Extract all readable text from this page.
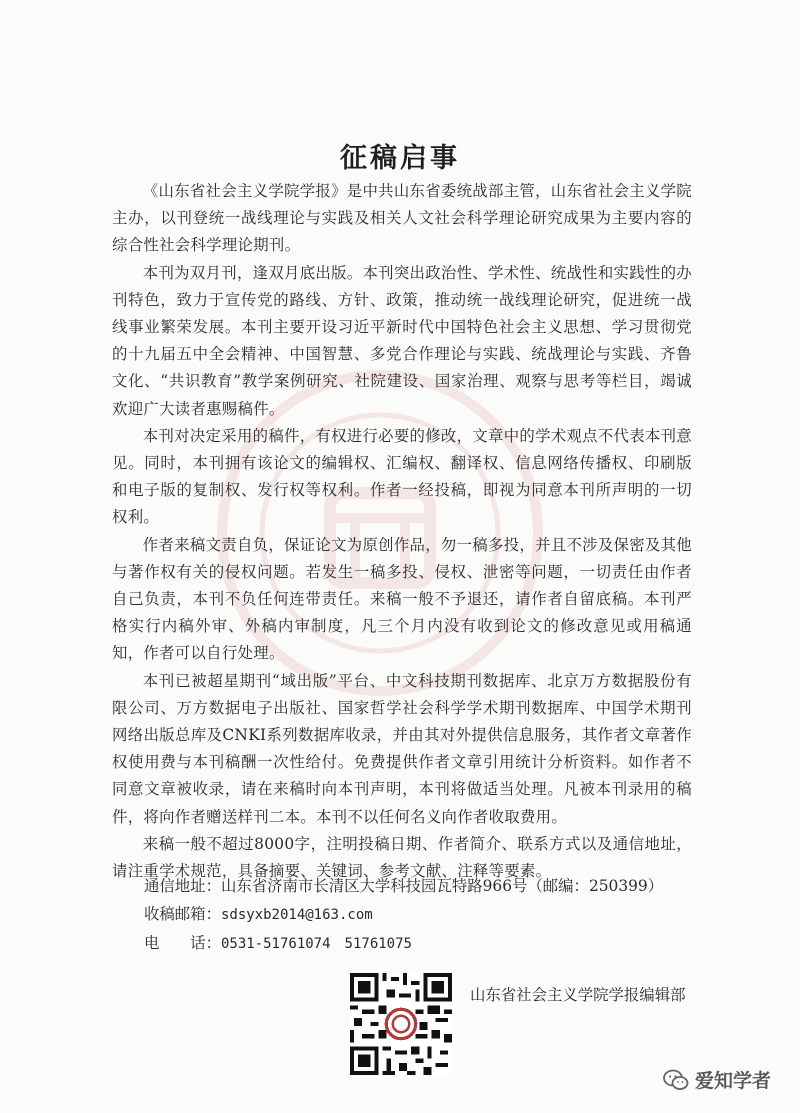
征稿启事

《山东省社会主义学院学报》是中共山东省委统战部主管，山东省社会主义学院主办，以刊登统一战线理论与实践及相关人文社会科学理论研究成果为主要内容的综合性社会科学理论期刊。

本刊为双月刊，逢双月底出版。本刊突出政治性、学术性、统战性和实践性的办刊特色，致力于宣传党的路线、方针、政策，推动统一战线理论研究，促进统一战线事业繁荣发展。本刊主要开设习近平新时代中国特色社会主义思想、学习贯彻党的十九届五中全会精神、中国智慧、多党合作理论与实践、统战理论与实践、齐鲁文化、“共识教育”教学案例研究、社院建设、国家治理、观察与思考等栏目，竭诚欢迎广大读者惠赐稿件。

本刊对决定采用的稿件，有权进行必要的修改，文章中的学术观点不代表本刊意见。同时，本刊拥有该论文的编辑权、汇编权、翻译权、信息网络传播权、印刷版和电子版的复制权、发行权等权利。作者一经投稿，即视为同意本刊所声明的一切权利。

作者来稿文责自负，保证论文为原创作品，勿一稿多投，并且不涉及保密及其他与著作权有关的侵权问题。若发生一稿多投、侵权、泄密等问题，一切责任由作者自己负责，本刊不负任何连带责任。来稿一般不予退还，请作者自留底稿。本刊严格实行内稿外审、外稿内审制度，凡三个月内没有收到论文的修改意见或用稿通知，作者可以自行处理。

本刊已被超星期刊“域出版”平台、中文科技期刊数据库、北京万方数据股份有限公司、万方数据电子出版社、国家哲学社会科学学术期刊数据库、中国学术期刊网络出版总库及CNKI系列数据库收录，并由其对外提供信息服务，其作者文章著作权使用费与本刊稿酬一次性给付。免费提供作者文章引用统计分析资料。如作者不同意文章被收录，请在来稿时向本刊声明，本刊将做适当处理。凡被本刊录用的稿件，将向作者赠送样刊二本。本刊不以任何名义向作者收取费用。

来稿一般不超过8000字，注明投稿日期、作者简介、联系方式以及通信地址，请注重学术规范，具备摘要、关键词、参考文献、注释等要素。

通信地址：山东省济南市长清区大学科技园瓦特路966号（邮编：250399）
收稿邮箱：sdsyxb2014@163.com
电　　话：0531-51761074　51761075
山东省社会主义学院学报编辑部
爱知学者
